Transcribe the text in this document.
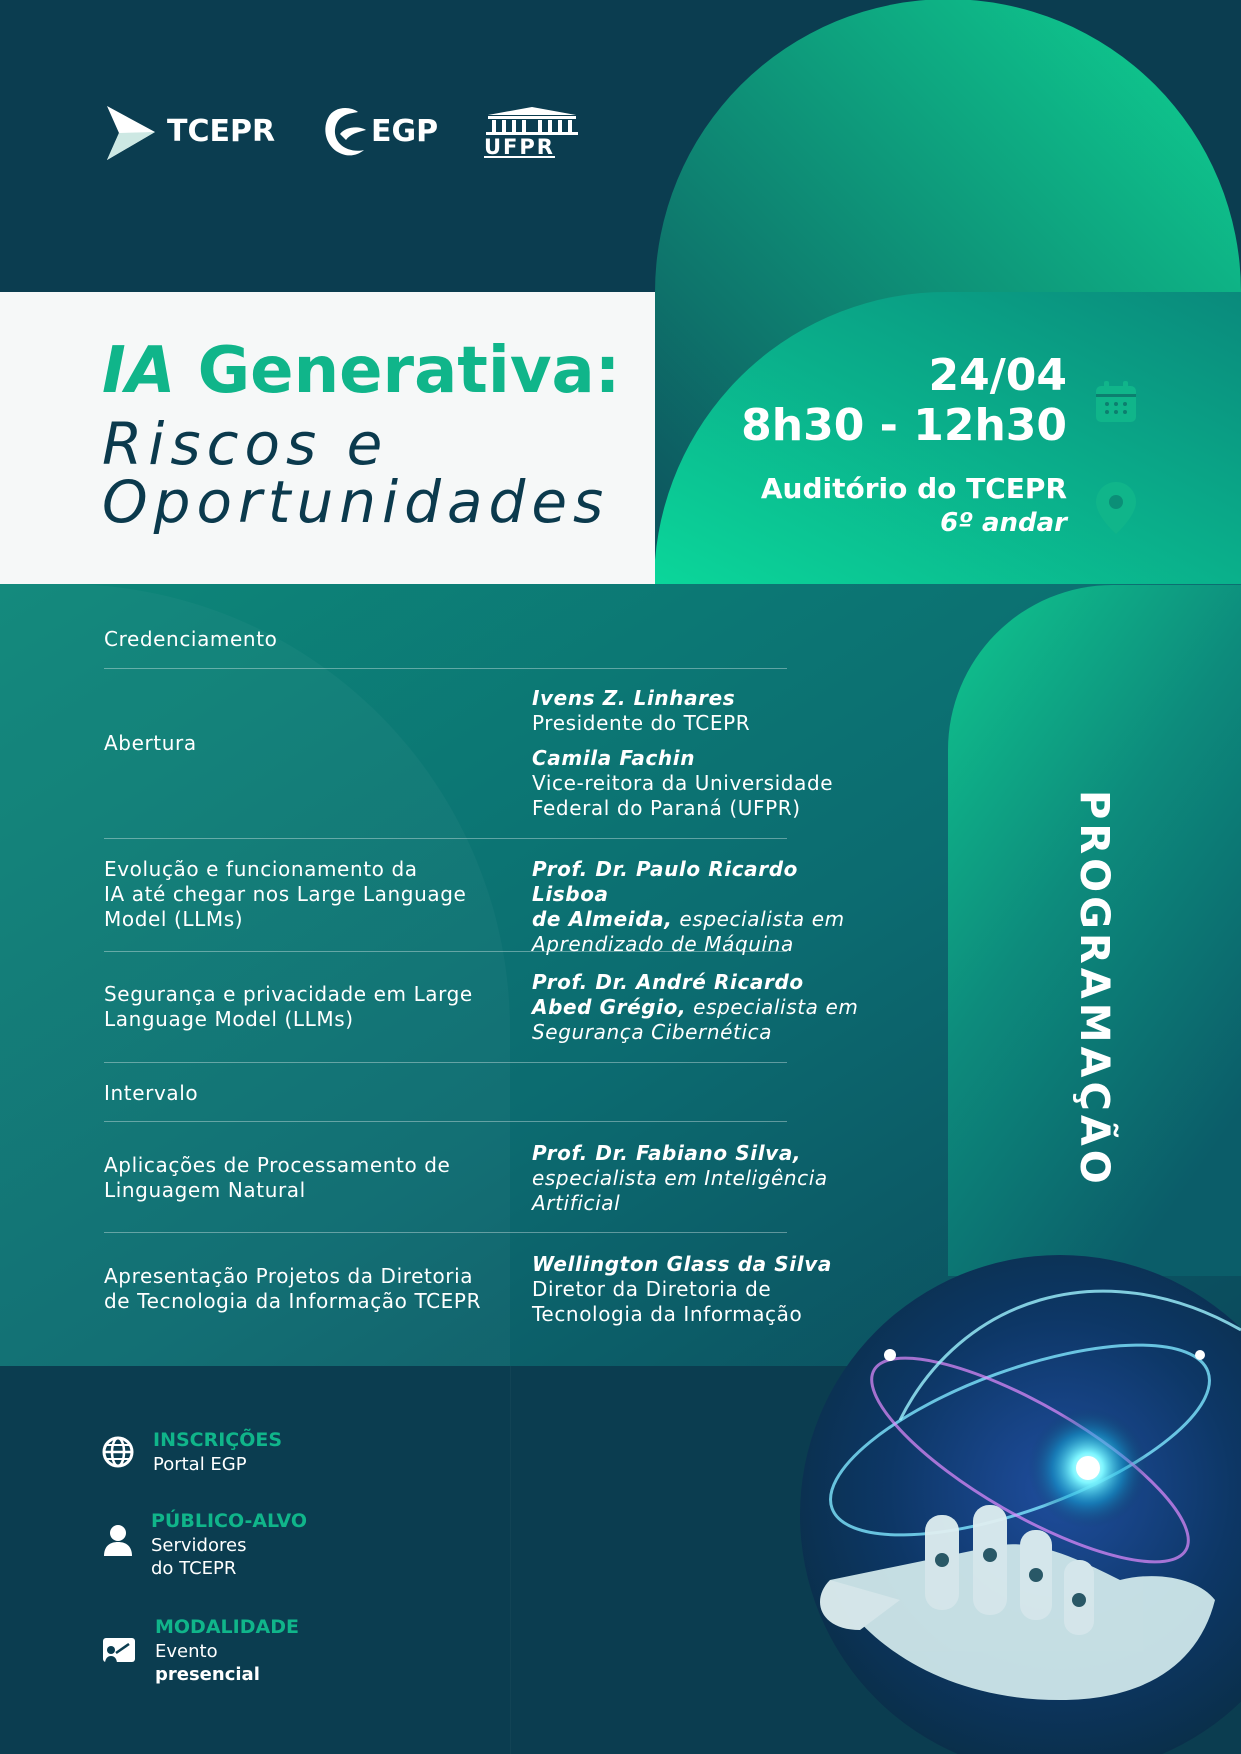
TCEPR	EGP UFPR
IA Generativa:
Riscos e
Oportunidades
24/04
8h30 - 12h30
Auditório do TCEPR
6º andar
Credenciamento
Abertura
Ivens Z. Linhares
Presidente do TCEPR
Camila Fachin
Vice-reitora da Universidade
Federal do Paraná (UFPR)
Evolução e funcionamento da
IA até chegar nos Large Language
Model (LLMs)
Prof. Dr. Paulo Ricardo Lisboa
de Almeida, especialista em
Aprendizado de Máquina
Segurança e privacidade em Large
Language Model (LLMs)
Prof. Dr. André Ricardo
Abed Grégio, especialista em
Segurança Cibernética
Intervalo
Aplicações de Processamento de
Linguagem Natural
Prof. Dr. Fabiano Silva,
especialista em Inteligência
Artificial
Apresentação Projetos da Diretoria
de Tecnologia da Informação TCEPR
Wellington Glass da Silva
Diretor da Diretoria de
Tecnologia da Informação
PROGRAMAÇÃO
INSCRIÇÕES
Portal EGP
PÚBLICO-ALVO
Servidores
do TCEPR
MODALIDADE
Evento
presencial
